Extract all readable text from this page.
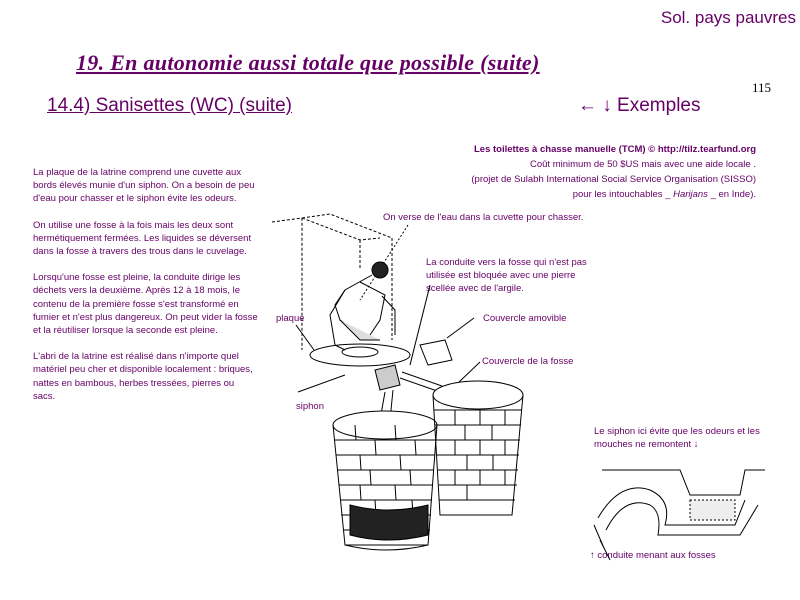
Sol. pays pauvres
19. En autonomie aussi totale que possible (suite)
115
14.4) Sanisettes (WC) (suite)	← ↓ Exemples

La plaque de la latrine comprend une cuvette aux bords élevés munie d'un siphon. On a besoin de peu d'eau pour chasser et le siphon évite les odeurs.

On utilise une fosse à la fois mais les deux sont hermétiquement fermées. Les liquides se déversent dans la fosse à travers des trous dans le cuvelage.

Lorsqu'une fosse est pleine, la conduite dirige les déchets vers la deuxième. Après 12 à 18 mois, le contenu de la première fosse s'est transformé en fumier et n'est plus dangereux. On peut vider la fosse et la réutiliser lorsque la seconde est pleine.

L'abri de la latrine est réalisé dans n'importe quel matériel peu cher et disponible localement : briques, nattes en bambous, herbes tressées, pierres ou sacs.

Les toilettes à chasse manuelle (TCM) © http://tilz.tearfund.org
Coût minimum de 50 $US mais avec une aide locale .
(projet de Sulabh International Social Service Organisation (SISSO)
pour les intouchables _ Harijans _ en Inde).
On verse de l'eau dans la cuvette pour chasser.
La conduite vers la fosse qui n'est pas utilisée est bloquée avec une pierre scellée avec de l'argile.
Couvercle amovible
Couvercle de la fosse
plaque
siphon
Le siphon ici évite que les odeurs et les mouches ne remontent ↓
↑ conduite menant aux fosses
